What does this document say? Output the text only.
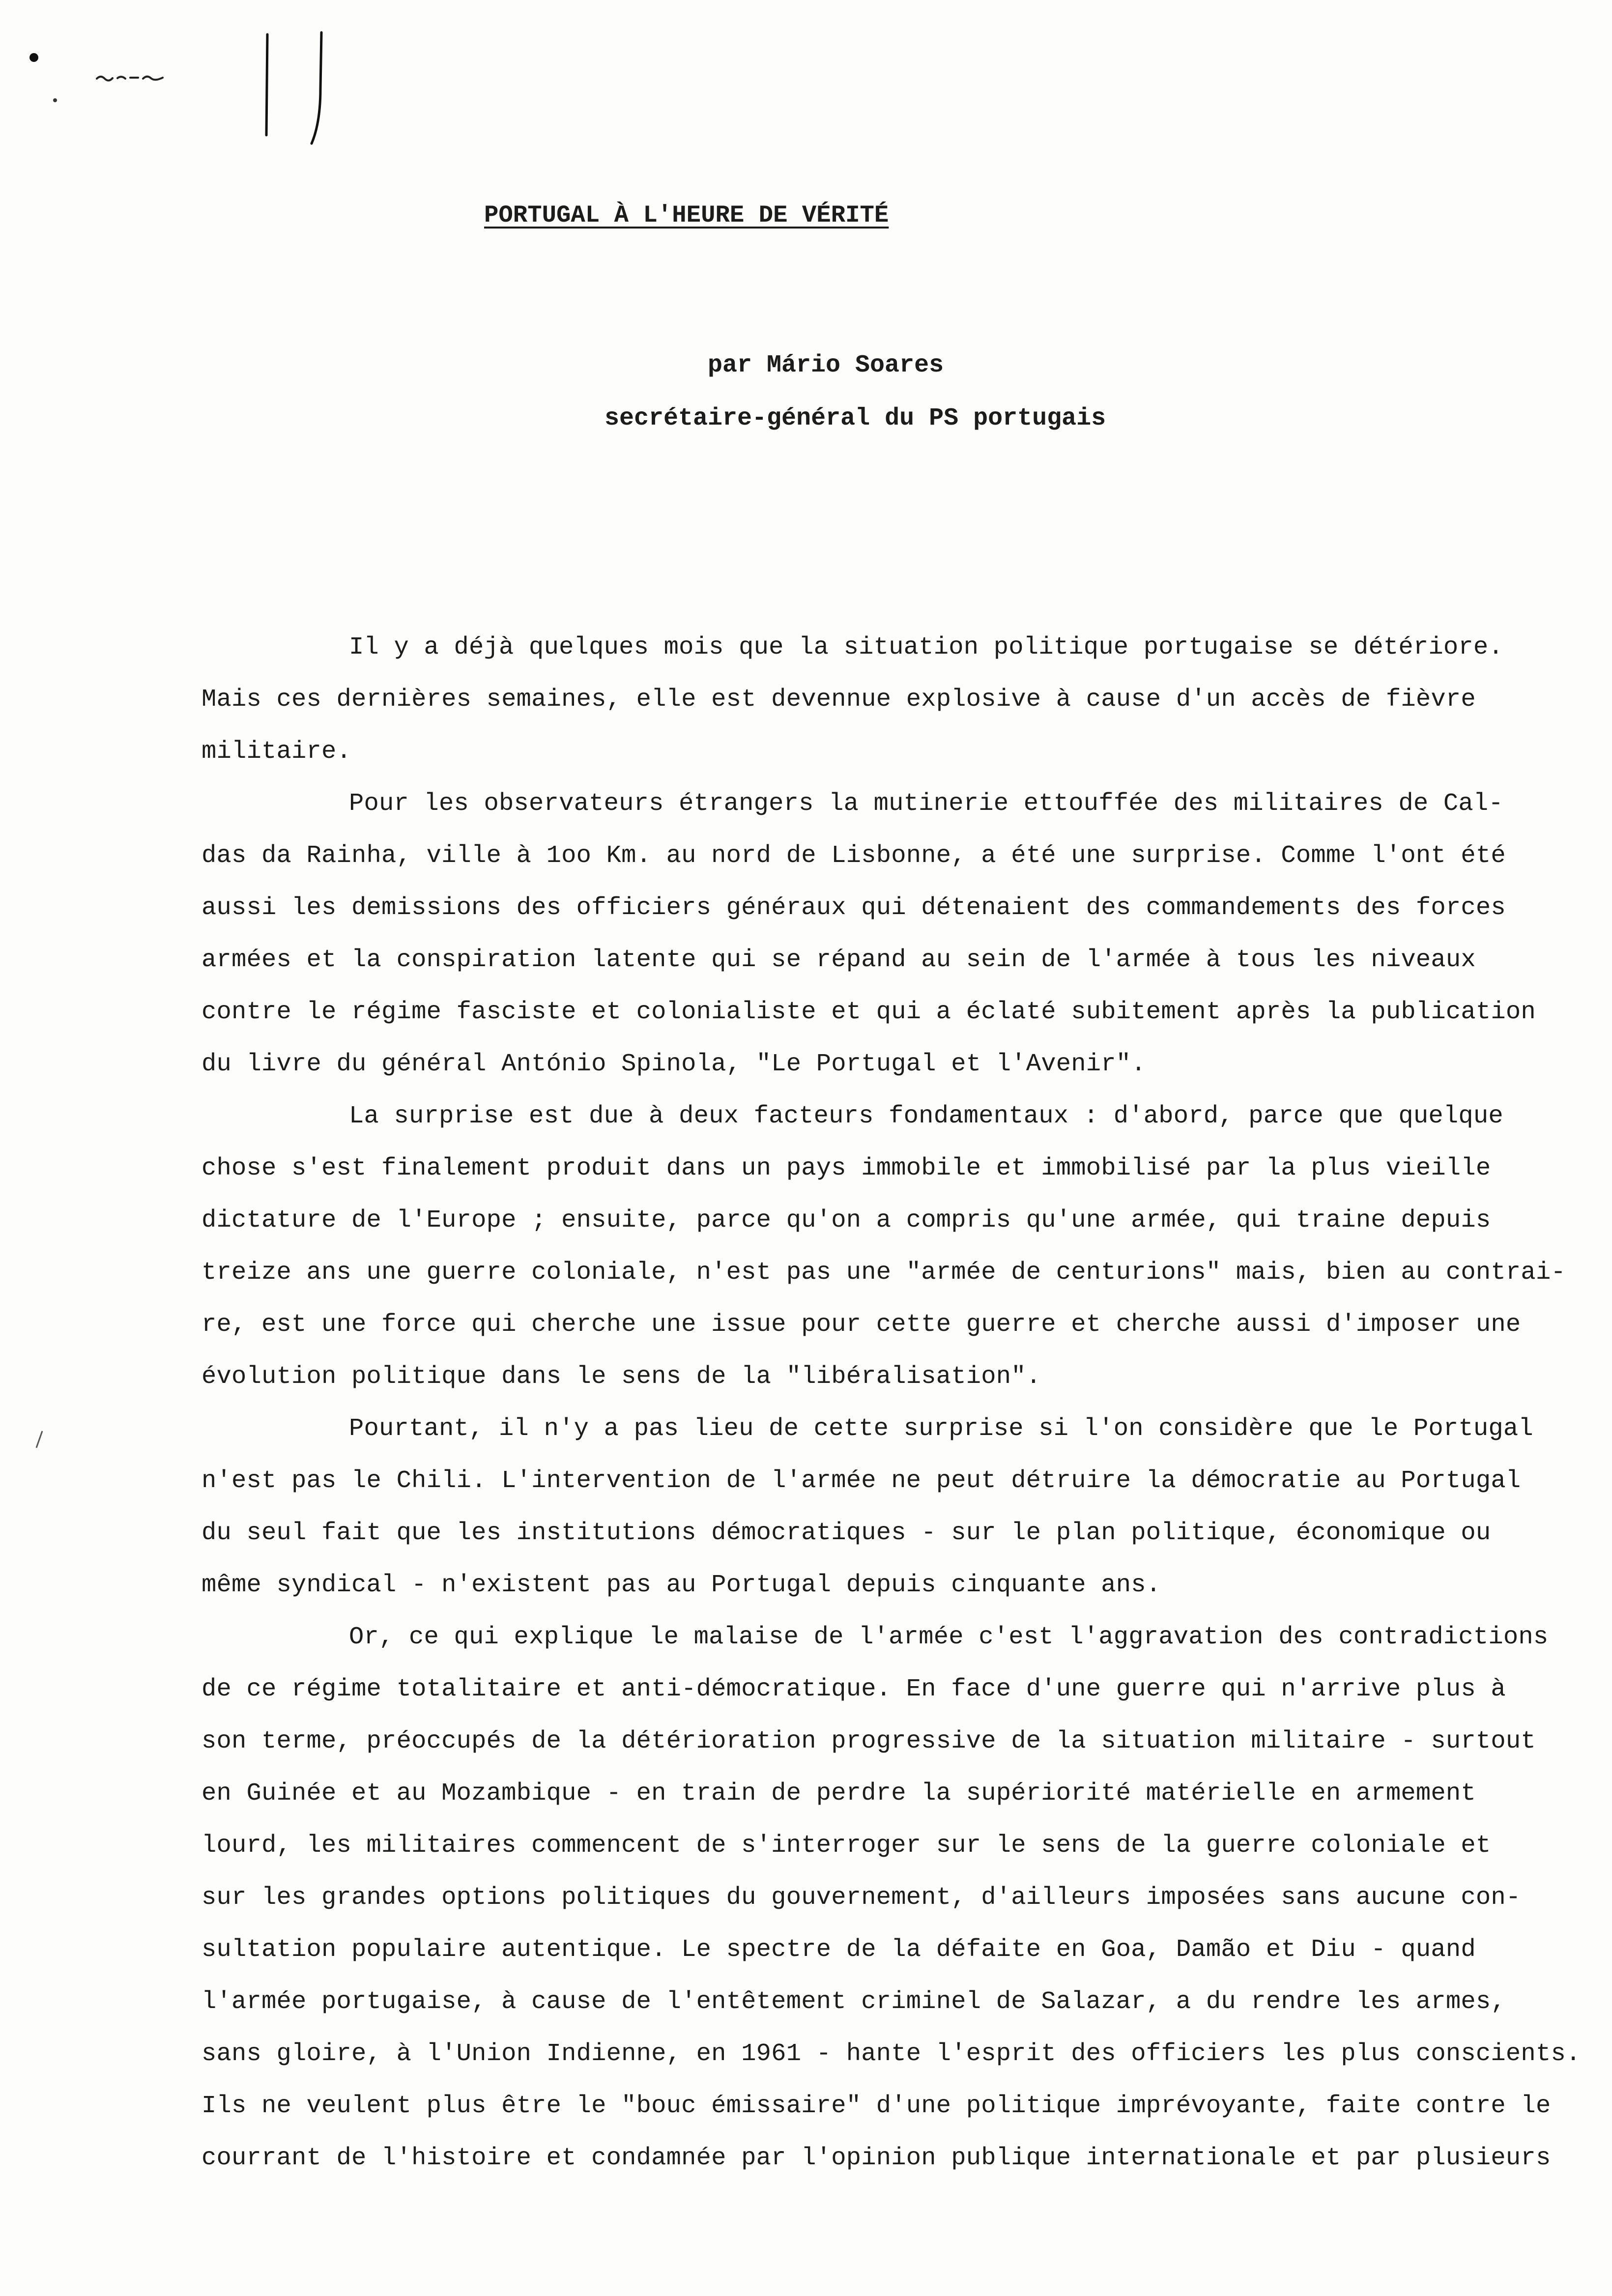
PORTUGAL À L'HEURE DE VÉRITÉ
par Mário Soares
secrétaire-général du PS portugais
Il y a déjà quelques mois que la situation politique portugaise se détériore.
Mais ces dernières semaines, elle est devennue explosive à cause d'un accès de fièvre
militaire.
Pour les observateurs étrangers la mutinerie ettouffée des militaires de Cal-
das da Rainha, ville à 1oo Km. au nord de Lisbonne, a été une surprise. Comme l'ont été
aussi les demissions des officiers généraux qui détenaient des commandements des forces
armées et la conspiration latente qui se répand au sein de l'armée à tous les niveaux
contre le régime fasciste et colonialiste et qui a éclaté subitement après la publication
du livre du général António Spinola, "Le Portugal et l'Avenir".
La surprise est due à deux facteurs fondamentaux : d'abord, parce que quelque
chose s'est finalement produit dans un pays immobile et immobilisé par la plus vieille
dictature de l'Europe ; ensuite, parce qu'on a compris qu'une armée, qui traine depuis
treize ans une guerre coloniale, n'est pas une "armée de centurions" mais, bien au contrai-
re, est une force qui cherche une issue pour cette guerre et cherche aussi d'imposer une
évolution politique dans le sens de la "libéralisation".
Pourtant, il n'y a pas lieu de cette surprise si l'on considère que le Portugal
n'est pas le Chili. L'intervention de l'armée ne peut détruire la démocratie au Portugal
du seul fait que les institutions démocratiques - sur le plan politique, économique ou
même syndical - n'existent pas au Portugal depuis cinquante ans.
Or, ce qui explique le malaise de l'armée c'est l'aggravation des contradictions
de ce régime totalitaire et anti-démocratique. En face d'une guerre qui n'arrive plus à
son terme, préoccupés de la détérioration progressive de la situation militaire - surtout
en Guinée et au Mozambique - en train de perdre la supériorité matérielle en armement
lourd, les militaires commencent de s'interroger sur le sens de la guerre coloniale et
sur les grandes options politiques du gouvernement, d'ailleurs imposées sans aucune con-
sultation populaire autentique. Le spectre de la défaite en Goa, Damão et Diu - quand
l'armée portugaise, à cause de l'entêtement criminel de Salazar, a du rendre les armes,
sans gloire, à l'Union Indienne, en 1961 - hante l'esprit des officiers les plus conscients.
Ils ne veulent plus être le "bouc émissaire" d'une politique imprévoyante, faite contre le
courrant de l'histoire et condamnée par l'opinion publique internationale et par plusieurs
